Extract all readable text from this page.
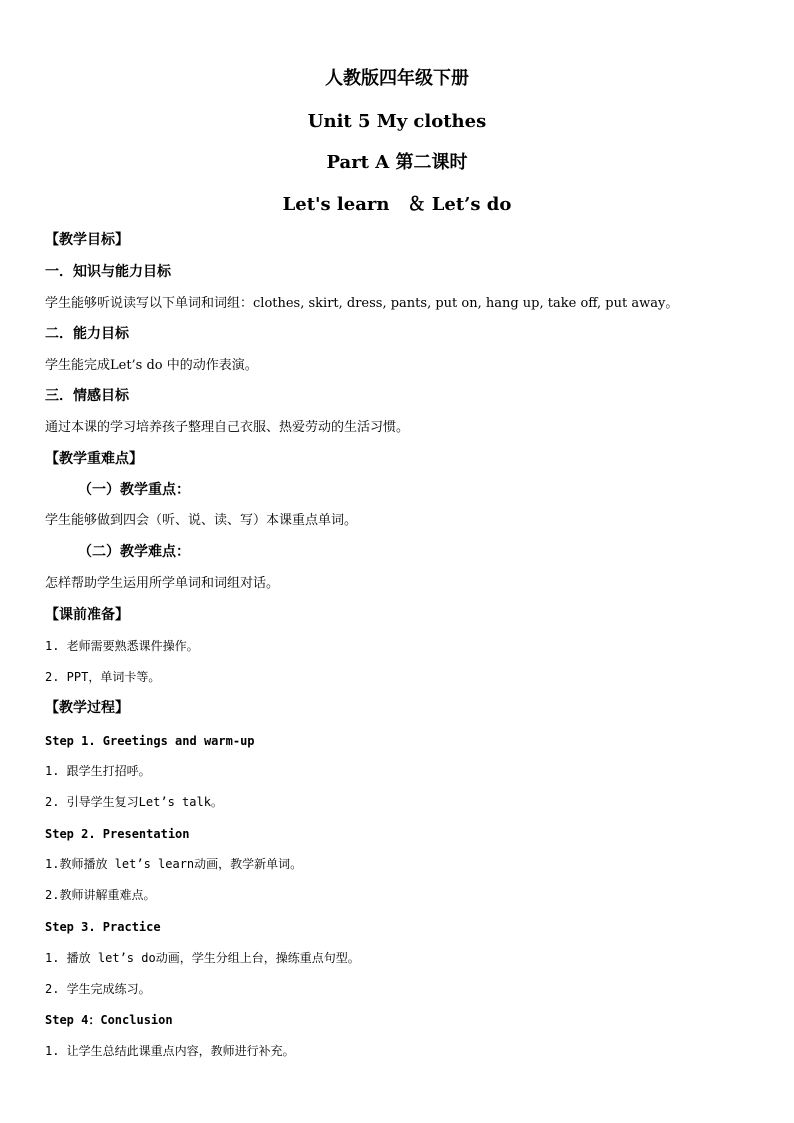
人教版四年级下册
Unit 5 My clothes
Part A 第二课时
Let's learn　＆ Let’s do
【教学目标】
一．知识与能力目标
学生能够听说读写以下单词和词组：clothes, skirt, dress, pants, put on, hang up, take off, put away。
二．能力目标
学生能完成Let’s do 中的动作表演。
三．情感目标
通过本课的学习培养孩子整理自己衣服、热爱劳动的生活习惯。
【教学重难点】
（一）教学重点：
学生能够做到四会（听、说、读、写）本课重点单词。
（二）教学难点：
怎样帮助学生运用所学单词和词组对话。
【课前准备】
1. 老师需要熟悉课件操作。
2. PPT，单词卡等。
【教学过程】
Step 1. Greetings and warm-up
1. 跟学生打招呼。
2. 引导学生复习Let’s talk。
Step 2. Presentation
1.教师播放 let’s learn动画，教学新单词。
2.教师讲解重难点。
Step 3. Practice
1. 播放 let’s do动画，学生分组上台，操练重点句型。
2. 学生完成练习。
Step 4：Conclusion
1. 让学生总结此课重点内容，教师进行补充。
